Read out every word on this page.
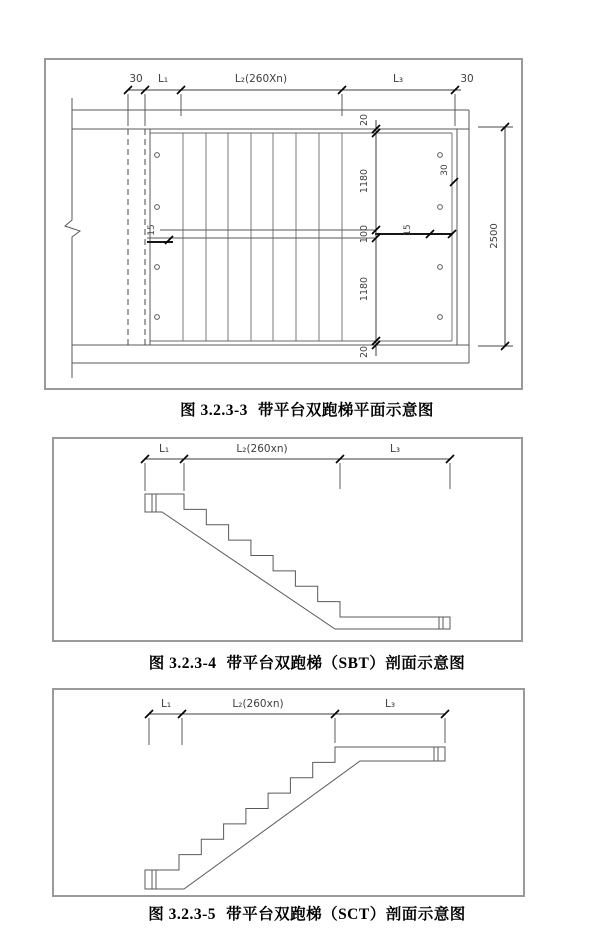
30 L₁	L₂(260Xn)	L₃	30
20
1180
100
1180
20
2500
30
15	15
图 3.2.3-3 带平台双跑梯平面示意图
L₁	L₂(260xn)	L₃
图 3.2.3-4 带平台双跑梯（SBT）剖面示意图
L₁	L₂(260xn)	L₃
图 3.2.3-5 带平台双跑梯（SCT）剖面示意图
